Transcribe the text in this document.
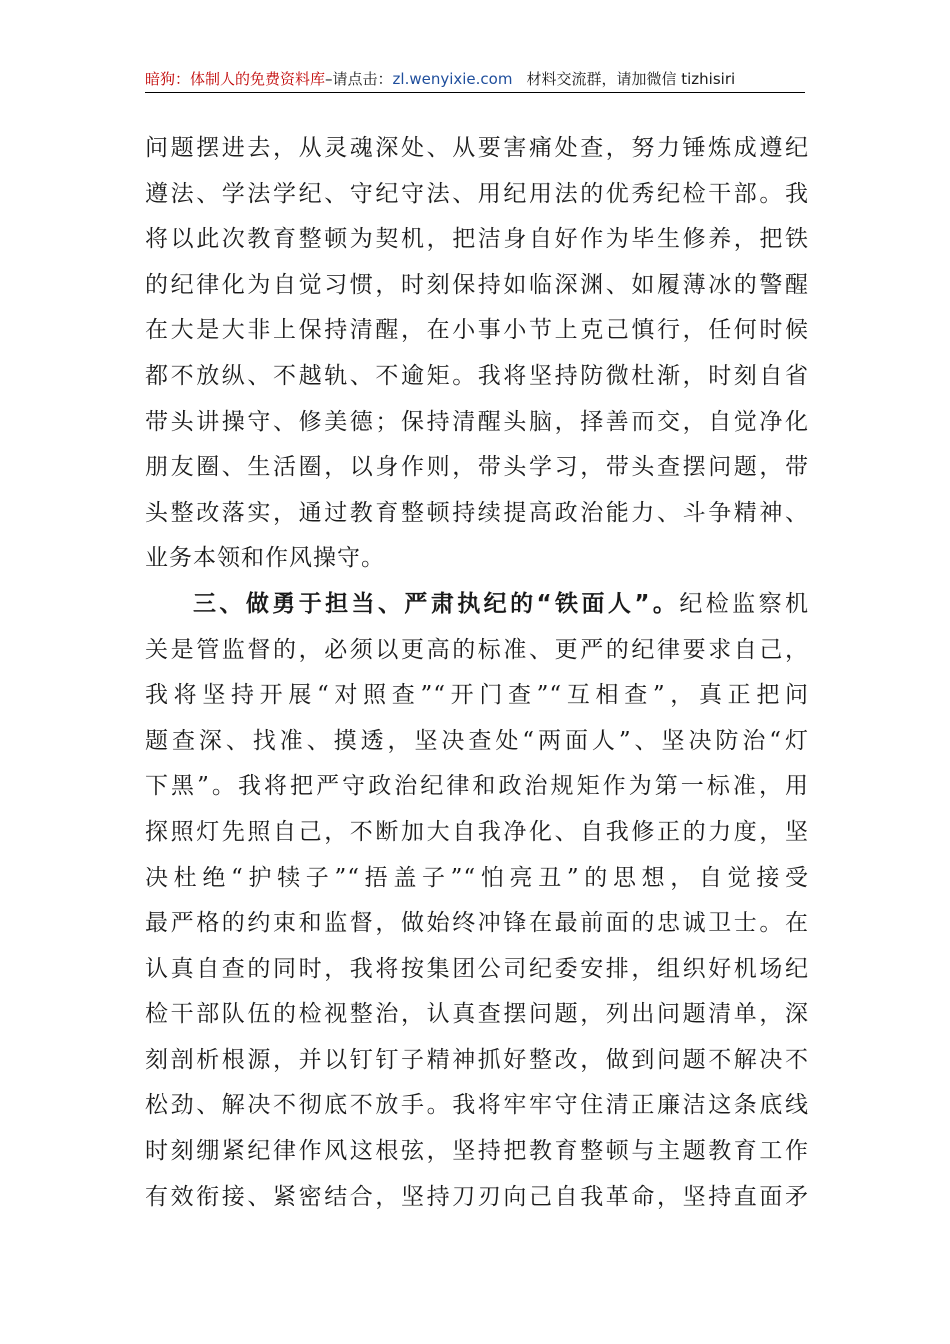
暗狗：体制人的免费资料库–请点击：zl.wenyixie.com 材料交流群，请加微信 tizhisiri
问题摆进去，从灵魂深处、从要害痛处查，努力锤炼成遵纪
遵法、学法学纪、守纪守法、用纪用法的优秀纪检干部。我
将以此次教育整顿为契机，把洁身自好作为毕生修养，把铁
的纪律化为自觉习惯，时刻保持如临深渊、如履薄冰的警醒
在大是大非上保持清醒，在小事小节上克己慎行，任何时候
都不放纵、不越轨、不逾矩。我将坚持防微杜渐，时刻自省
带头讲操守、修美德；保持清醒头脑，择善而交，自觉净化
朋友圈、生活圈，以身作则，带头学习，带头查摆问题，带
头整改落实，通过教育整顿持续提高政治能力、斗争精神、
业务本领和作风操守。
三、做勇于担当、严肃执纪的“铁面人”。纪检监察机
关是管监督的，必须以更高的标准、更严的纪律要求自己，
我将坚持开展“对照查”“开门查”“互相查”，真正把问
题查深、找准、摸透，坚决查处“两面人”、坚决防治“灯
下黑”。我将把严守政治纪律和政治规矩作为第一标准，用
探照灯先照自己，不断加大自我净化、自我修正的力度，坚
决杜绝“护犊子”“捂盖子”“怕亮丑”的思想，自觉接受
最严格的约束和监督，做始终冲锋在最前面的忠诚卫士。在
认真自查的同时，我将按集团公司纪委安排，组织好机场纪
检干部队伍的检视整治，认真查摆问题，列出问题清单，深
刻剖析根源，并以钉钉子精神抓好整改，做到问题不解决不
松劲、解决不彻底不放手。我将牢牢守住清正廉洁这条底线
时刻绷紧纪律作风这根弦，坚持把教育整顿与主题教育工作
有效衔接、紧密结合，坚持刀刃向己自我革命，坚持直面矛
